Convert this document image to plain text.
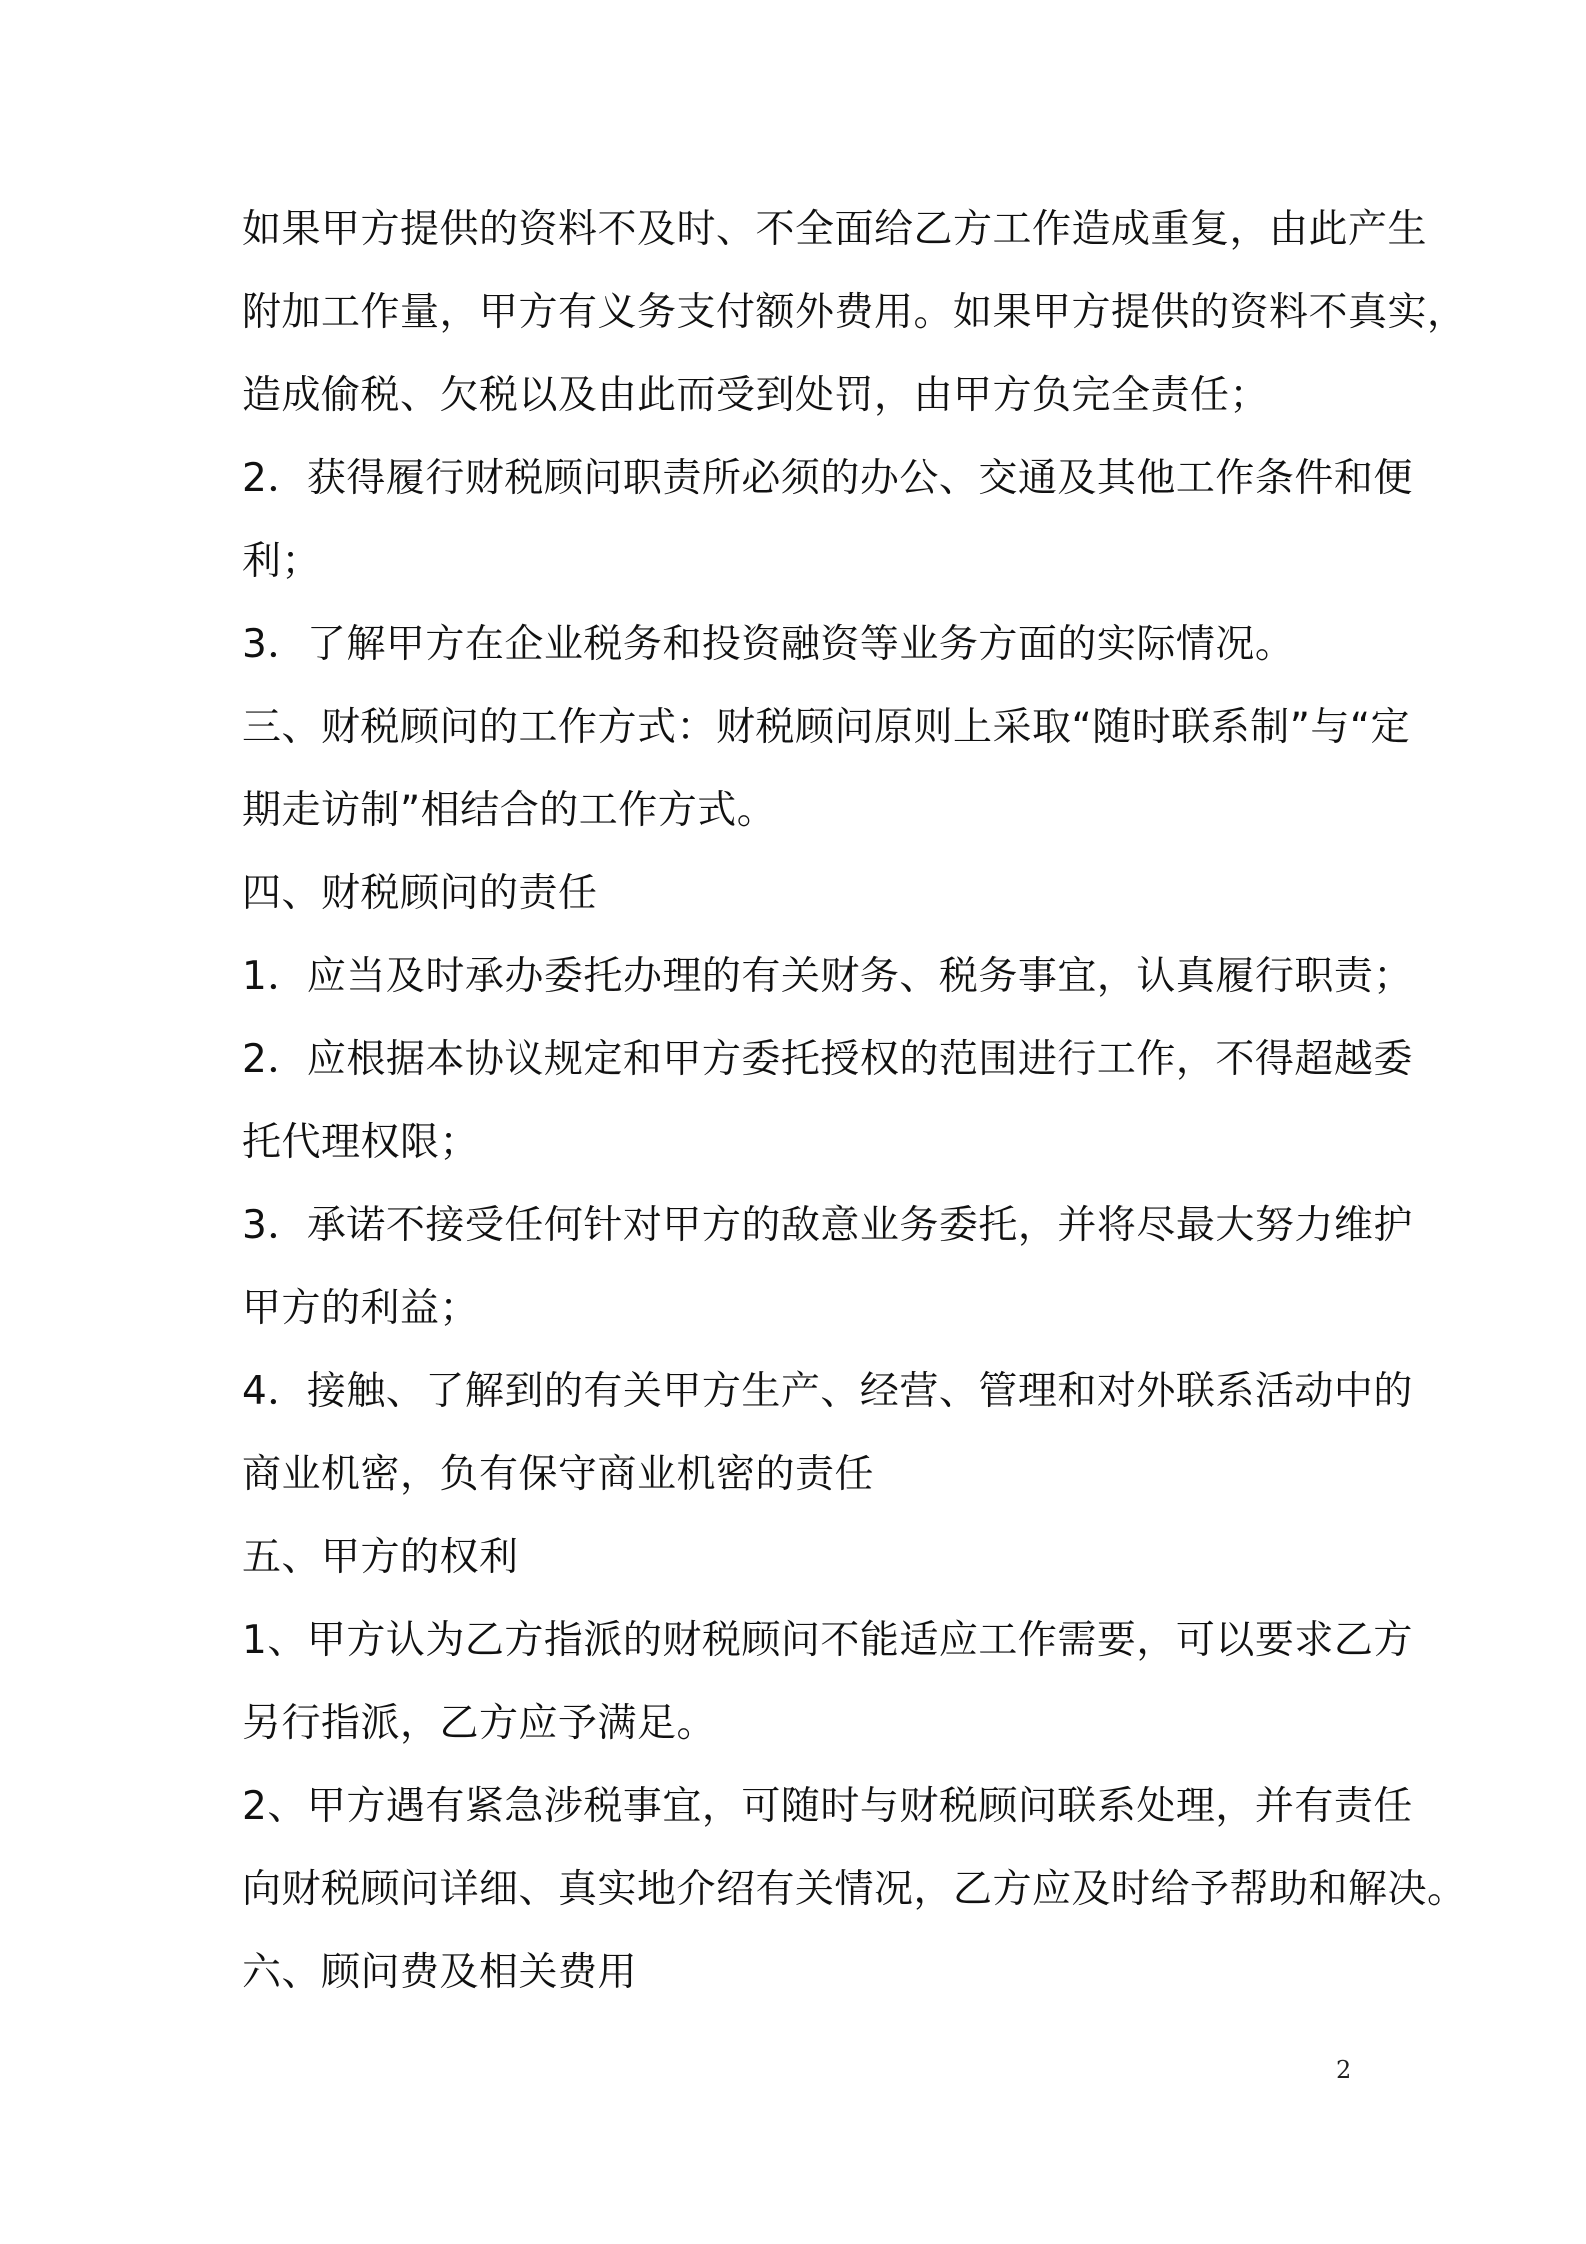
如果甲方提供的资料不及时、不全面给乙方工作造成重复，由此产生
附加工作量，甲方有义务支付额外费用。如果甲方提供的资料不真实，
造成偷税、欠税以及由此而受到处罚，由甲方负完全责任；
2．获得履行财税顾问职责所必须的办公、交通及其他工作条件和便
利；
3．了解甲方在企业税务和投资融资等业务方面的实际情况。
三、财税顾问的工作方式：财税顾问原则上采取“随时联系制”与“定
期走访制”相结合的工作方式。
四、财税顾问的责任
1．应当及时承办委托办理的有关财务、税务事宜，认真履行职责；
2．应根据本协议规定和甲方委托授权的范围进行工作，不得超越委
托代理权限；
3．承诺不接受任何针对甲方的敌意业务委托，并将尽最大努力维护
甲方的利益；
4．接触、了解到的有关甲方生产、经营、管理和对外联系活动中的
商业机密，负有保守商业机密的责任
五、甲方的权利
1、甲方认为乙方指派的财税顾问不能适应工作需要，可以要求乙方
另行指派，乙方应予满足。
2、甲方遇有紧急涉税事宜，可随时与财税顾问联系处理，并有责任
向财税顾问详细、真实地介绍有关情况，乙方应及时给予帮助和解决。
六、顾问费及相关费用
2
